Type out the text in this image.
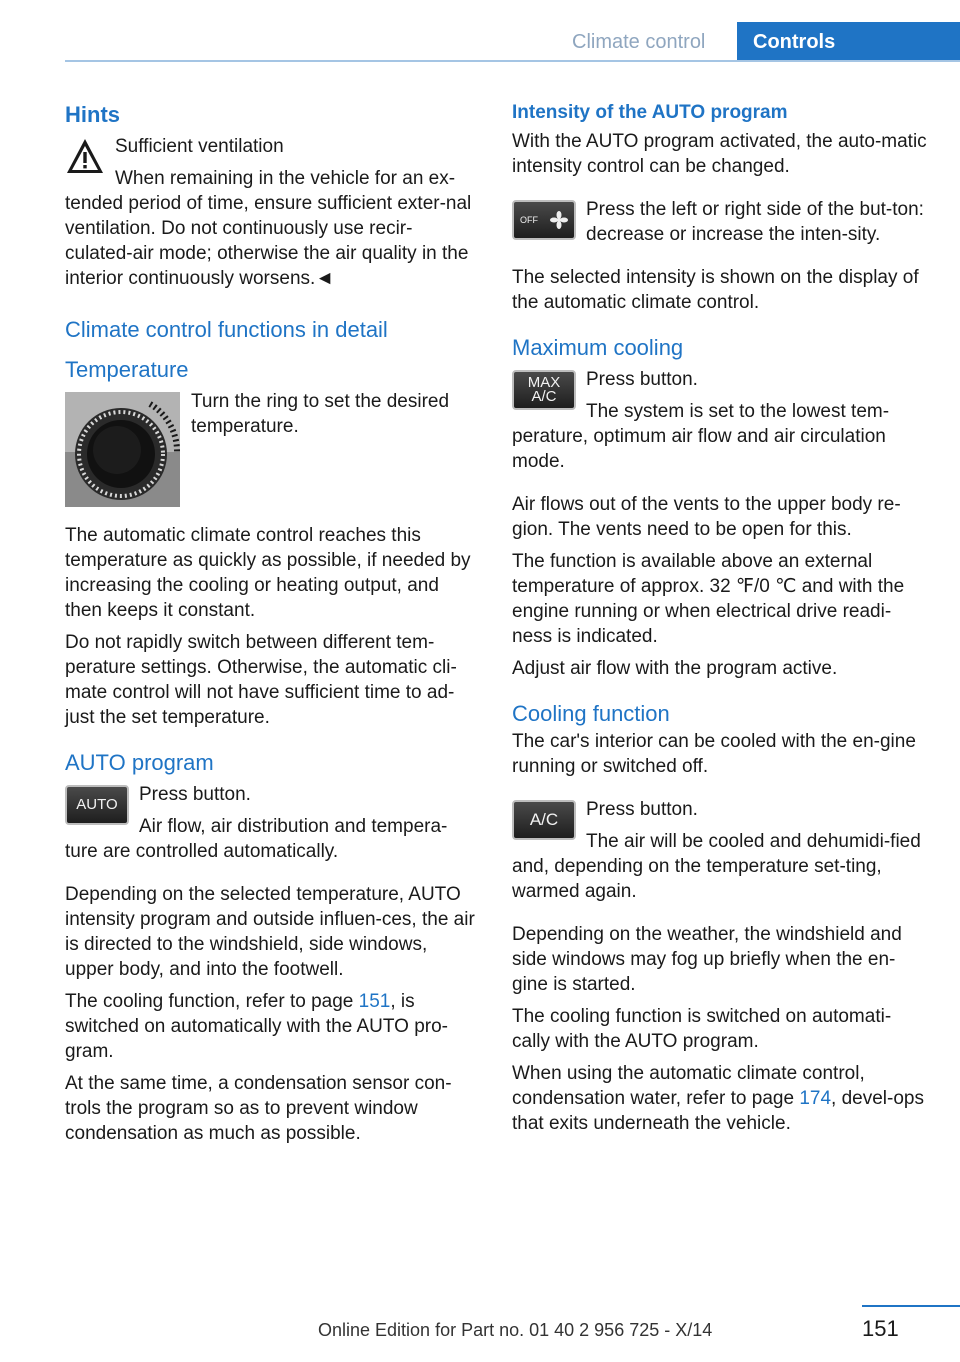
Climate control Controls
Hints

Sufficient ventilation

When remaining in the vehicle for an ex-tended period of time, ensure sufficient exter-nal ventilation. Do not continuously use recir-culated-air mode; otherwise the air quality in the interior continuously worsens.◄

Climate control functions in detail
Temperature

Turn the ring to set the desired temperature.

The automatic climate control reaches this temperature as quickly as possible, if needed by increasing the cooling or heating output, and then keeps it constant.

Do not rapidly switch between different tem-perature settings. Otherwise, the automatic cli-mate control will not have sufficient time to ad-just the set temperature.

AUTO program
AUTO	Press button.

Air flow, air distribution and tempera-ture are controlled automatically.

Depending on the selected temperature, AUTO intensity program and outside influen-ces, the air is directed to the windshield, side windows, upper body, and into the footwell.

The cooling function, refer to page 151, is switched on automatically with the AUTO pro-gram.

At the same time, a condensation sensor con-trols the program so as to prevent window condensation as much as possible.

Intensity of the AUTO program

With the AUTO program activated, the auto-matic intensity control can be changed.

OFF	Press the left or right side of the but-ton: decrease or increase the inten-sity.

The selected intensity is shown on the display of the automatic climate control.

Maximum cooling
MAX
A/C

Press button.

The system is set to the lowest tem-perature, optimum air flow and air circulation mode.

Air flows out of the vents to the upper body re-gion. The vents need to be open for this.

The function is available above an external temperature of approx. 32 ℉/0 ℃ and with the engine running or when electrical drive readi-ness is indicated.

Adjust air flow with the program active.

Cooling function

The car's interior can be cooled with the en-gine running or switched off.

A/C	Press button.

The air will be cooled and dehumidi-fied and, depending on the temperature set-ting, warmed again.

Depending on the weather, the windshield and side windows may fog up briefly when the en-gine is started.

The cooling function is switched on automati-cally with the AUTO program.

When using the automatic climate control, condensation water, refer to page 174, devel-ops that exits underneath the vehicle.

151
Online Edition for Part no. 01 40 2 956 725 - X/14
